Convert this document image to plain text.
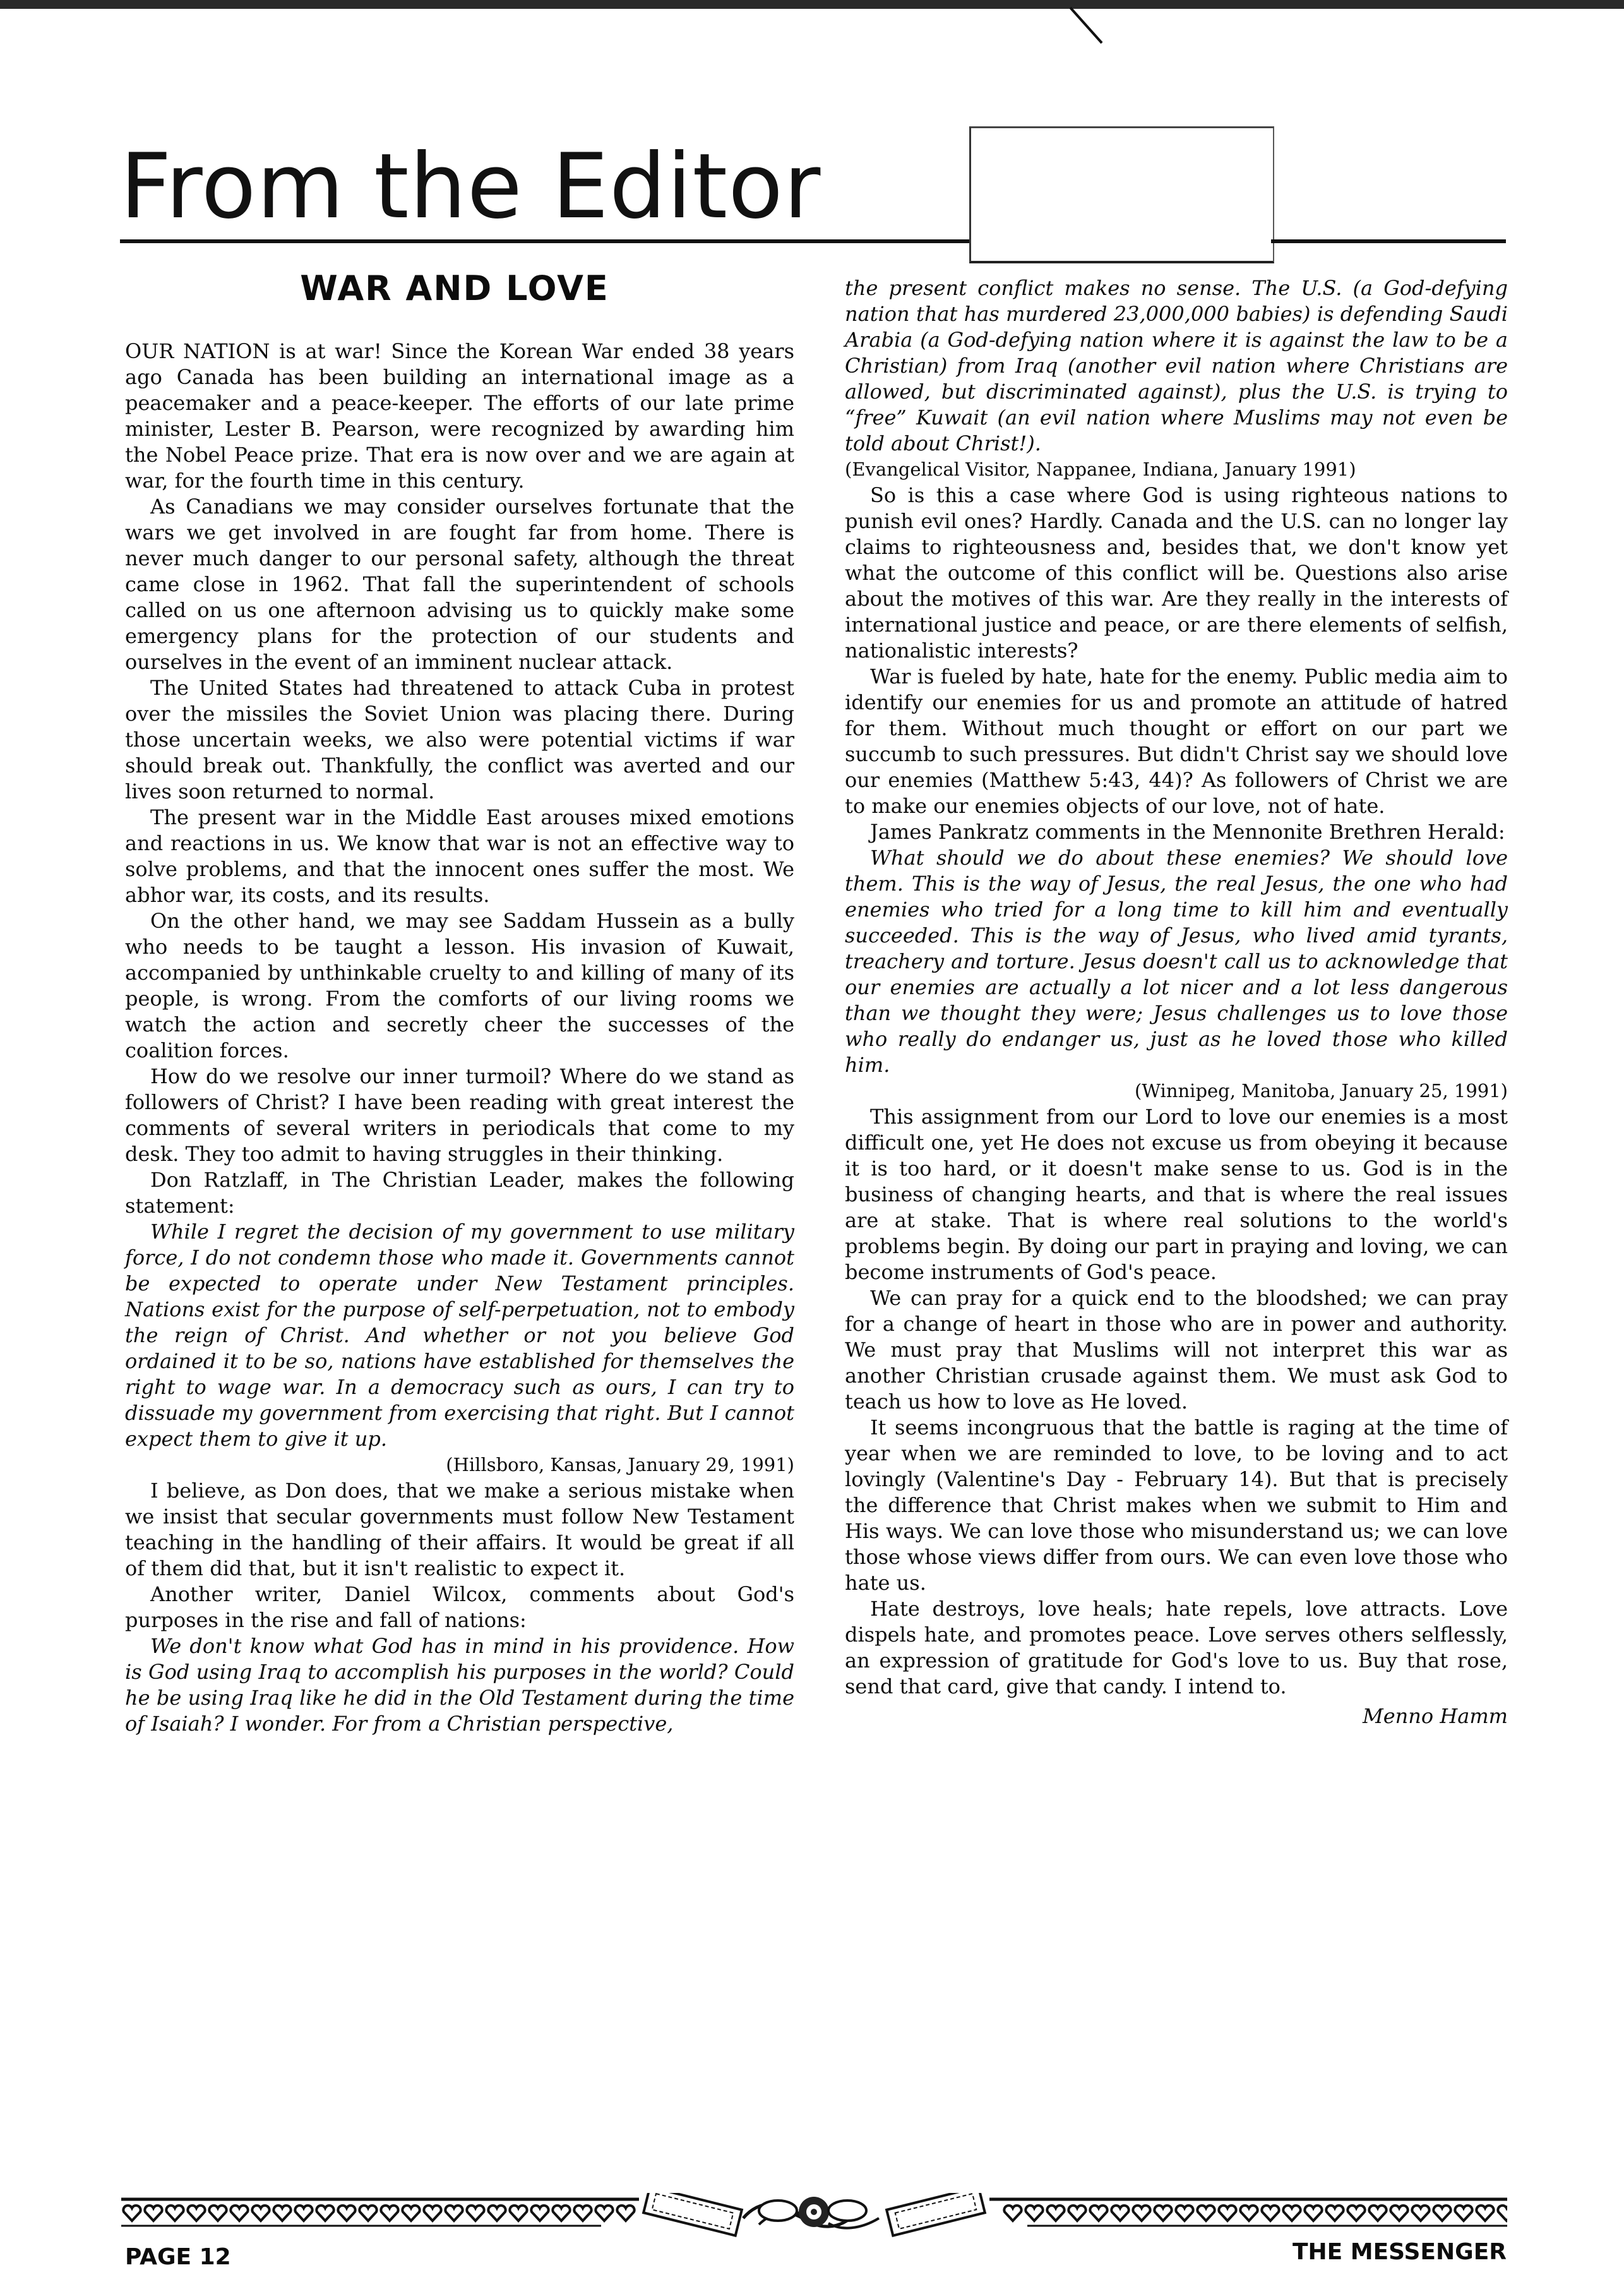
From the Editor
WAR AND LOVE

OUR NATION is at war! Since the Korean War ended 38 years ago Canada has been building an international image as a peacemaker and a peace-keeper. The efforts of our late prime minister, Lester B. Pearson, were recognized by awarding him the Nobel Peace prize. That era is now over and we are again at war, for the fourth time in this century.

As Canadians we may consider ourselves fortunate that the wars we get involved in are fought far from home. There is never much danger to our personal safety, although the threat came close in 1962. That fall the superintendent of schools called on us one afternoon advising us to quickly make some emergency plans for the protection of our students and ourselves in the event of an imminent nuclear attack.

The United States had threatened to attack Cuba in protest over the missiles the Soviet Union was placing there. During those uncertain weeks, we also were potential victims if war should break out. Thankfully, the conflict was averted and our lives soon returned to normal.

The present war in the Middle East arouses mixed emotions and reactions in us. We know that war is not an effective way to solve problems, and that the innocent ones suffer the most. We abhor war, its costs, and its results.

On the other hand, we may see Saddam Hussein as a bully who needs to be taught a lesson. His invasion of Kuwait, accompanied by unthinkable cruelty to and killing of many of its people, is wrong. From the comforts of our living rooms we watch the action and secretly cheer the successes of the coalition forces.

How do we resolve our inner turmoil? Where do we stand as followers of Christ? I have been reading with great interest the comments of several writers in periodicals that come to my desk. They too admit to having struggles in their thinking.

Don Ratzlaff, in The Christian Leader, makes the following statement:

While I regret the decision of my government to use military force, I do not condemn those who made it. Governments cannot be expected to operate under New Testament principles. Nations exist for the purpose of self-perpetuation, not to embody the reign of Christ. And whether or not you believe God ordained it to be so, nations have established for themselves the right to wage war. In a democracy such as ours, I can try to dissuade my government from exercising that right. But I cannot expect them to give it up.

(Hillsboro, Kansas, January 29, 1991)

I believe, as Don does, that we make a serious mistake when we insist that secular governments must follow New Testament teaching in the handling of their affairs. It would be great if all of them did that, but it isn't realistic to expect it.

Another writer, Daniel Wilcox, comments about God's purposes in the rise and fall of nations:

We don't know what God has in mind in his providence. How is God using Iraq to accomplish his purposes in the world? Could he be using Iraq like he did in the Old Testament during the time of Isaiah? I wonder. For from a Christian perspective,

the present conflict makes no sense. The U.S. (a God-defying nation that has murdered 23,000,000 babies) is defending Saudi Arabia (a God-defying nation where it is against the law to be a Christian) from Iraq (another evil nation where Christians are allowed, but discriminated against), plus the U.S. is trying to “free” Kuwait (an evil nation where Muslims may not even be told about Christ!).

(Evangelical Visitor, Nappanee, Indiana, January 1991)

So is this a case where God is using righteous nations to punish evil ones? Hardly. Canada and the U.S. can no longer lay claims to righteousness and, besides that, we don't know yet what the outcome of this conflict will be. Questions also arise about the motives of this war. Are they really in the interests of international justice and peace, or are there elements of selfish, nationalistic interests?

War is fueled by hate, hate for the enemy. Public media aim to identify our enemies for us and promote an attitude of hatred for them. Without much thought or effort on our part we succumb to such pressures. But didn't Christ say we should love our enemies (Matthew 5:43, 44)? As followers of Christ we are to make our enemies objects of our love, not of hate.

James Pankratz comments in the Mennonite Brethren Herald:

What should we do about these enemies? We should love them. This is the way of Jesus, the real Jesus, the one who had enemies who tried for a long time to kill him and eventually succeeded. This is the way of Jesus, who lived amid tyrants, treachery and torture. Jesus doesn't call us to acknowledge that our enemies are actually a lot nicer and a lot less dangerous than we thought they were; Jesus challenges us to love those who really do endanger us, just as he loved those who killed him.

(Winnipeg, Manitoba, January 25, 1991)

This assignment from our Lord to love our enemies is a most difficult one, yet He does not excuse us from obeying it because it is too hard, or it doesn't make sense to us. God is in the business of changing hearts, and that is where the real issues are at stake. That is where real solutions to the world's problems begin. By doing our part in praying and loving, we can become instruments of God's peace.

We can pray for a quick end to the bloodshed; we can pray for a change of heart in those who are in power and authority. We must pray that Muslims will not interpret this war as another Christian crusade against them. We must ask God to teach us how to love as He loved.

It seems incongruous that the battle is raging at the time of year when we are reminded to love, to be loving and to act lovingly (Valentine's Day - February 14). But that is precisely the difference that Christ makes when we submit to Him and His ways. We can love those who misunderstand us; we can love those whose views differ from ours. We can even love those who hate us.

Hate destroys, love heals; hate repels, love attracts. Love dispels hate, and promotes peace. Love serves others selflessly, an expression of gratitude for God's love to us. Buy that rose, send that card, give that candy. I intend to.

Menno Hamm

PAGE 12	THE MESSENGER
